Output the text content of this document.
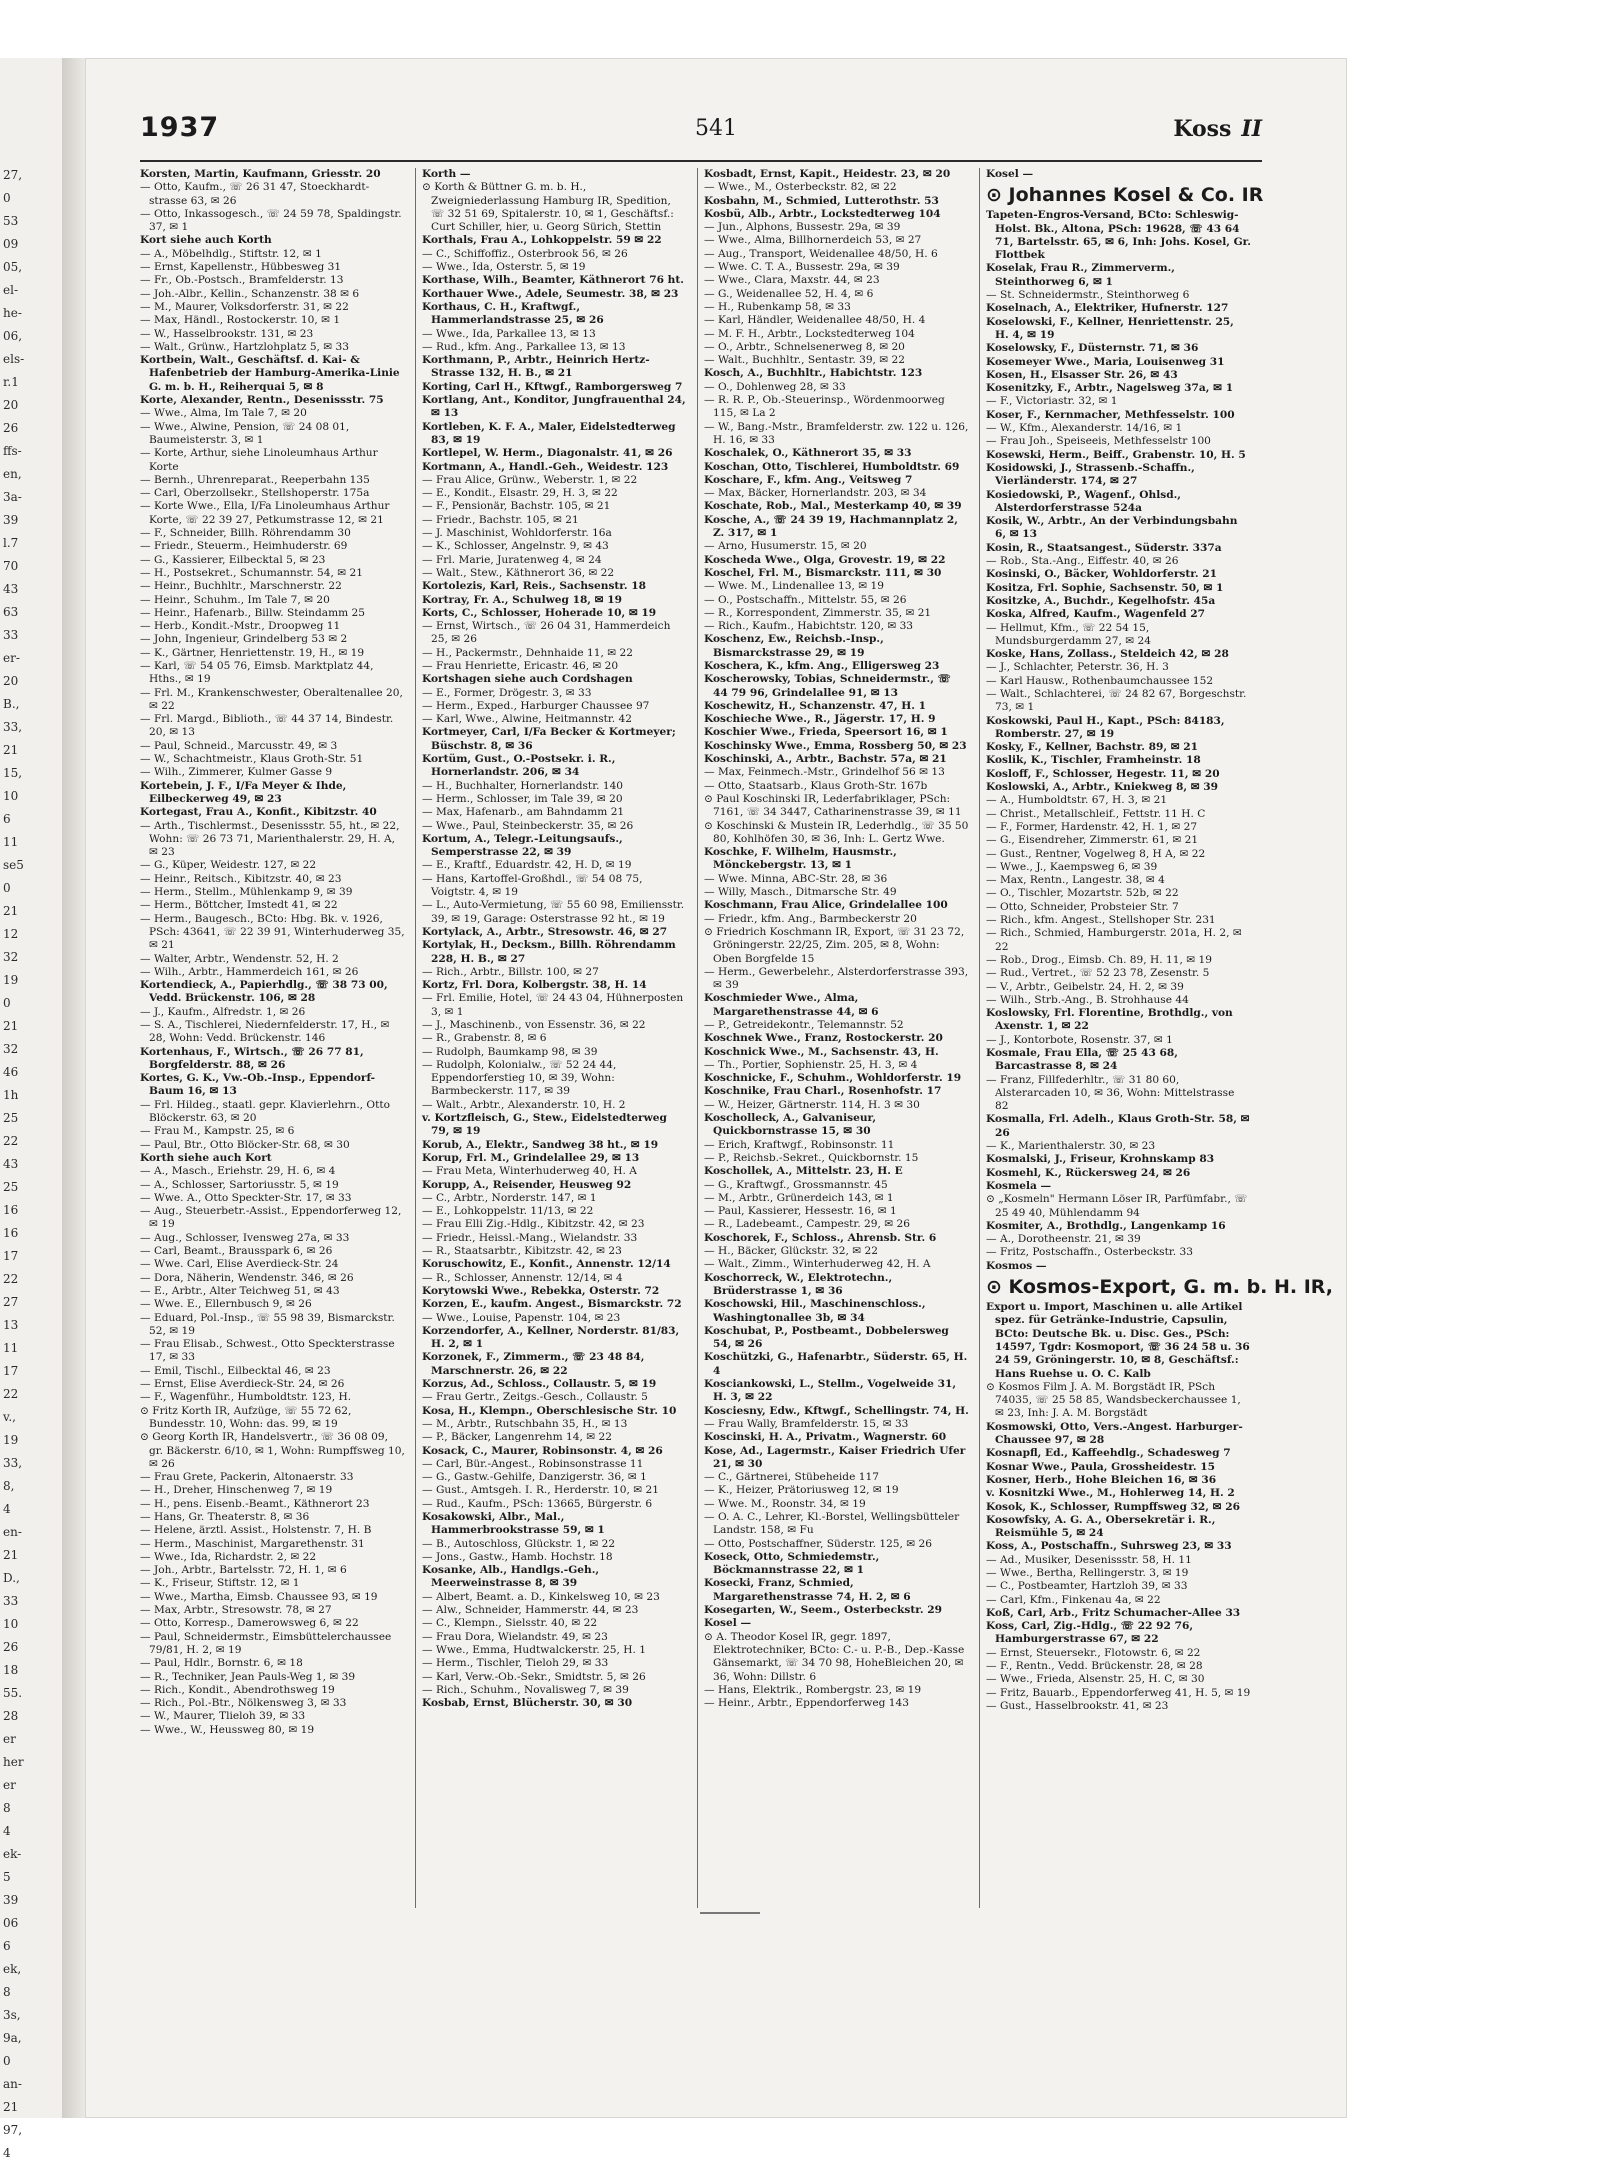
27,
0
53
09
05,
el-
he-
06,
els-
r.1
20
26
ffs-
en,
3a-
39
l.7
70
43
63
33
er-
20
B.,
33,
21
15,
10
6
11
se5
0
21
12
32
19
0
21
32
46
1h
25
22
43
25
16
16
17
22
27
13
11
17
22
v.,
19
33,
8,
4
en-
21
D.,
33
10
26
18
55.
28
er
her
er
8
4
ek-
5
39
06
6
ek,
8
3s,
9a,
0
an-
21
97,
4
1937	541	Koss II

Korsten, Martin, Kaufmann, Griesstr. 20

— Otto, Kaufm., ☏ 26 31 47, Stoeckhardt-strasse 63, ✉ 26

— Otto, Inkassogesch., ☏ 24 59 78, Spaldingstr. 37, ✉ 1

Kort siehe auch Korth

— A., Möbelhdlg., Stiftstr. 12, ✉ 1

— Ernst, Kapellenstr., Hübbesweg 31

— Fr., Ob.-Postsch., Bramfelderstr. 13

— Joh.-Albr., Kellin., Schanzenstr. 38 ✉ 6

— M., Maurer, Volksdorferstr. 31, ✉ 22

— Max, Händl., Rostockerstr. 10, ✉ 1

— W., Hasselbrookstr. 131, ✉ 23

— Walt., Grünw., Hartzlohplatz 5, ✉ 33

Kortbein, Walt., Geschäftsf. d. Kai- & Hafenbetrieb der Hamburg-Amerika-Linie G. m. b. H., Reiherquai 5, ✉ 8

Korte, Alexander, Rentn., Desenissstr. 75

— Wwe., Alma, Im Tale 7, ✉ 20

— Wwe., Alwine, Pension, ☏ 24 08 01, Baumeisterstr. 3, ✉ 1

— Korte, Arthur, siehe Linoleumhaus Arthur Korte

— Bernh., Uhrenreparat., Reeperbahn 135

— Carl, Oberzollsekr., Stellshoperstr. 175a

— Korte Wwe., Ella, I/Fa Linoleumhaus Arthur Korte, ☏ 22 39 27, Petkumstrasse 12, ✉ 21

— F., Schneider, Billh. Röhrendamm 30

— Friedr., Steuerm., Heimhuderstr. 69

— G., Kassierer, Eilbecktal 5, ✉ 23

— H., Postsekret., Schumannstr. 54, ✉ 21

— Heinr., Buchhltr., Marschnerstr. 22

— Heinr., Schuhm., Im Tale 7, ✉ 20

— Heinr., Hafenarb., Billw. Steindamm 25

— Herb., Kondit.-Mstr., Droopweg 11

— John, Ingenieur, Grindelberg 53 ✉ 2

— K., Gärtner, Henriettenstr. 19, H., ✉ 19

— Karl, ☏ 54 05 76, Eimsb. Marktplatz 44, Hths., ✉ 19

— Frl. M., Krankenschwester, Oberaltenallee 20, ✉ 22

— Frl. Margd., Biblioth., ☏ 44 37 14, Bindestr. 20, ✉ 13

— Paul, Schneid., Marcusstr. 49, ✉ 3

— W., Schachtmeistr., Klaus Groth-Str. 51

— Wilh., Zimmerer, Kulmer Gasse 9

Kortebein, J. F., I/Fa Meyer & Ihde, Eilbeckerweg 49, ✉ 23

Kortegast, Frau A., Konfit., Kibitzstr. 40

— Arth., Tischlermst., Desenissstr. 55, ht., ✉ 22, Wohn: ☏ 26 73 71, Marienthalerstr. 29, H. A, ✉ 23

— G., Küper, Weidestr. 127, ✉ 22

— Heinr., Reitsch., Kibitzstr. 40, ✉ 23

— Herm., Stellm., Mühlenkamp 9, ✉ 39

— Herm., Böttcher, Imstedt 41, ✉ 22

— Herm., Baugesch., BCto: Hbg. Bk. v. 1926, PSch: 43641, ☏ 22 39 91, Winterhuderweg 35, ✉ 21

— Walter, Arbtr., Wendenstr. 52, H. 2

— Wilh., Arbtr., Hammerdeich 161, ✉ 26

Kortendieck, A., Papierhdlg., ☏ 38 73 00, Vedd. Brückenstr. 106, ✉ 28

— J., Kaufm., Alfredstr. 1, ✉ 26

— S. A., Tischlerei, Niedernfelderstr. 17, H., ✉ 28, Wohn: Vedd. Brückenstr. 146

Kortenhaus, F., Wirtsch., ☏ 26 77 81, Borgfelderstr. 88, ✉ 26

Kortes, G. K., Vw.-Ob.-Insp., Eppendorf-Baum 16, ✉ 13

— Frl. Hildeg., staatl. gepr. Klavierlehrn., Otto Blöckerstr. 63, ✉ 20

— Frau M., Kampstr. 25, ✉ 6

— Paul, Btr., Otto Blöcker-Str. 68, ✉ 30

Korth siehe auch Kort

— A., Masch., Eriehstr. 29, H. 6, ✉ 4

— A., Schlosser, Sartoriusstr. 5, ✉ 19

— Wwe. A., Otto Speckter-Str. 17, ✉ 33

— Aug., Steuerbetr.-Assist., Eppendorferweg 12, ✉ 19

— Aug., Schlosser, Ivensweg 27a, ✉ 33

— Carl, Beamt., Brausspark 6, ✉ 26

— Wwe. Carl, Elise Averdieck-Str. 24

— Dora, Näherin, Wendenstr. 346, ✉ 26

— E., Arbtr., Alter Teichweg 51, ✉ 43

— Wwe. E., Ellernbusch 9, ✉ 26

— Eduard, Pol.-Insp., ☏ 55 98 39, Bismarckstr. 52, ✉ 19

— Frau Elisab., Schwest., Otto Speckterstrasse 17, ✉ 33

— Emil, Tischl., Eilbecktal 46, ✉ 23

— Ernst, Elise Averdieck-Str. 24, ✉ 26

— F., Wagenführ., Humboldtstr. 123, H.

⊙ Fritz Korth IR, Aufzüge, ☏ 55 72 62, Bundesstr. 10, Wohn: das. 99, ✉ 19

⊙ Georg Korth IR, Handelsvertr., ☏ 36 08 09, gr. Bäckerstr. 6/10, ✉ 1, Wohn: Rumpffsweg 10, ✉ 26

— Frau Grete, Packerin, Altonaerstr. 33

— H., Dreher, Hinschenweg 7, ✉ 19

— H., pens. Eisenb.-Beamt., Käthnerort 23

— Hans, Gr. Theaterstr. 8, ✉ 36

— Helene, ärztl. Assist., Holstenstr. 7, H. B

— Herm., Maschinist, Margarethenstr. 31

— Wwe., Ida, Richardstr. 2, ✉ 22

— Joh., Arbtr., Bartelsstr. 72, H. 1, ✉ 6

— K., Friseur, Stiftstr. 12, ✉ 1

— Wwe., Martha, Eimsb. Chaussee 93, ✉ 19

— Max, Arbtr., Stresowstr. 78, ✉ 27

— Otto, Korresp., Damerowsweg 6, ✉ 22

— Paul, Schneidermstr., Eimsbüttelerchaussee 79/81, H. 2, ✉ 19

— Paul, Hdlr., Bornstr. 6, ✉ 18

— R., Techniker, Jean Pauls-Weg 1, ✉ 39

— Rich., Kondit., Abendrothsweg 19

— Rich., Pol.-Btr., Nölkensweg 3, ✉ 33

— W., Maurer, Tlieloh 39, ✉ 33

— Wwe., W., Heussweg 80, ✉ 19

Korth —

⊙ Korth & Büttner G. m. b. H., Zweigniederlassung Hamburg IR, Spedition, ☏ 32 51 69, Spitalerstr. 10, ✉ 1, Geschäftsf.: Curt Schiller, hier, u. Georg Sürich, Stettin

Korthals, Frau A., Lohkoppelstr. 59 ✉ 22

— C., Schiffoffiz., Osterbrook 56, ✉ 26

— Wwe., Ida, Osterstr. 5, ✉ 19

Korthase, Wilh., Beamter, Käthnerort 76 ht.

Korthauer Wwe., Adele, Seumestr. 38, ✉ 23

Korthaus, C. H., Kraftwgf., Hammerlandstrasse 25, ✉ 26

— Wwe., Ida, Parkallee 13, ✉ 13

— Rud., kfm. Ang., Parkallee 13, ✉ 13

Korthmann, P., Arbtr., Heinrich Hertz-Strasse 132, H. B., ✉ 21

Korting, Carl H., Kftwgf., Ramborgersweg 7

Kortlang, Ant., Konditor, Jungfrauenthal 24, ✉ 13

Kortleben, K. F. A., Maler, Eidelstedterweg 83, ✉ 19

Kortlepel, W. Herm., Diagonalstr. 41, ✉ 26

Kortmann, A., Handl.-Geh., Weidestr. 123

— Frau Alice, Grünw., Weberstr. 1, ✉ 22

— E., Kondit., Elsastr. 29, H. 3, ✉ 22

— F., Pensionär, Bachstr. 105, ✉ 21

— Friedr., Bachstr. 105, ✉ 21

— J. Maschinist, Wohldorferstr. 16a

— K., Schlosser, Angelnstr. 9, ✉ 43

— Frl. Marie, Juratenweg 4, ✉ 24

— Walt., Stew., Käthnerort 36, ✉ 22

Kortolezis, Karl, Reis., Sachsenstr. 18

Kortray, Fr. A., Schulweg 18, ✉ 19

Korts, C., Schlosser, Hoherade 10, ✉ 19

— Ernst, Wirtsch., ☏ 26 04 31, Hammerdeich 25, ✉ 26

— H., Packermstr., Dehnhaide 11, ✉ 22

— Frau Henriette, Ericastr. 46, ✉ 20

Kortshagen siehe auch Cordshagen

— E., Former, Drögestr. 3, ✉ 33

— Herm., Exped., Harburger Chaussee 97

— Karl, Wwe., Alwine, Heitmannstr. 42

Kortmeyer, Carl, I/Fa Becker & Kortmeyer; Büschstr. 8, ✉ 36

Kortüm, Gust., O.-Postsekr. i. R., Hornerlandstr. 206, ✉ 34

— H., Buchhalter, Hornerlandstr. 140

— Herm., Schlosser, im Tale 39, ✉ 20

— Max, Hafenarb., am Bahndamm 21

— Wwe., Paul, Steinbeckerstr. 35, ✉ 26

Kortum, A., Telegr.-Leitungsaufs., Semperstrasse 22, ✉ 39

— E., Kraftf., Eduardstr. 42, H. D, ✉ 19

— Hans, Kartoffel-Großhdl., ☏ 54 08 75, Voigtstr. 4, ✉ 19

— L., Auto-Vermietung, ☏ 55 60 98, Emiliensstr. 39, ✉ 19, Garage: Osterstrasse 92 ht., ✉ 19

Kortylack, A., Arbtr., Stresowstr. 46, ✉ 27

Kortylak, H., Decksm., Billh. Röhrendamm 228, H. B., ✉ 27

— Rich., Arbtr., Billstr. 100, ✉ 27

Kortz, Frl. Dora, Kolbergstr. 38, H. 14

— Frl. Emilie, Hotel, ☏ 24 43 04, Hühnerposten 3, ✉ 1

— J., Maschinenb., von Essenstr. 36, ✉ 22

— R., Grabenstr. 8, ✉ 6

— Rudolph, Baumkamp 98, ✉ 39

— Rudolph, Kolonialw., ☏ 52 24 44, Eppendorferstieg 10, ✉ 39, Wohn: Barmbeckerstr. 117, ✉ 39

— Walt., Arbtr., Alexanderstr. 10, H. 2

v. Kortzfleisch, G., Stew., Eidelstedterweg 79, ✉ 19

Korub, A., Elektr., Sandweg 38 ht., ✉ 19

Korup, Frl. M., Grindelallee 29, ✉ 13

— Frau Meta, Winterhuderweg 40, H. A

Korupp, A., Reisender, Heusweg 92

— C., Arbtr., Norderstr. 147, ✉ 1

— E., Lohkoppelstr. 11/13, ✉ 22

— Frau Elli Zig.-Hdlg., Kibitzstr. 42, ✉ 23

— Friedr., Heissl.-Mang., Wielandstr. 33

— R., Staatsarbtr., Kibitzstr. 42, ✉ 23

Koruschowitz, E., Konfit., Annenstr. 12/14

— R., Schlosser, Annenstr. 12/14, ✉ 4

Korytowski Wwe., Rebekka, Osterstr. 72

Korzen, E., kaufm. Angest., Bismarckstr. 72

— Wwe., Louise, Papenstr. 104, ✉ 23

Korzendorfer, A., Kellner, Norderstr. 81/83, H. 2, ✉ 1

Korzonek, F., Zimmerm., ☏ 23 48 84, Marschnerstr. 26, ✉ 22

Korzus, Ad., Schloss., Collaustr. 5, ✉ 19

— Frau Gertr., Zeitgs.-Gesch., Collaustr. 5

Kosa, H., Klempn., Oberschlesische Str. 10

— M., Arbtr., Rutschbahn 35, H., ✉ 13

— P., Bäcker, Langenrehm 14, ✉ 22

Kosack, C., Maurer, Robinsonstr. 4, ✉ 26

— Carl, Bür.-Angest., Robinsonstrasse 11

— G., Gastw.-Gehilfe, Danzigerstr. 36, ✉ 1

— Gust., Amtsgeh. I. R., Herderstr. 10, ✉ 21

— Rud., Kaufm., PSch: 13665, Bürgerstr. 6

Kosakowski, Albr., Mal., Hammerbrookstrasse 59, ✉ 1

— B., Autoschloss, Glückstr. 1, ✉ 22

— Jons., Gastw., Hamb. Hochstr. 18

Kosanke, Alb., Handlgs.-Geh., Meerweinstrasse 8, ✉ 39

— Albert, Beamt. a. D., Kinkelsweg 10, ✉ 23

— Alw., Schneider, Hammerstr. 44, ✉ 23

— C., Klempn., Sielsstr. 40, ✉ 22

— Frau Dora, Wielandstr. 49, ✉ 23

— Wwe., Emma, Hudtwalckerstr. 25, H. 1

— Herm., Tischler, Tieloh 29, ✉ 33

— Karl, Verw.-Ob.-Sekr., Smidtstr. 5, ✉ 26

— Rich., Schuhm., Novalisweg 7, ✉ 39

Kosbab, Ernst, Blücherstr. 30, ✉ 30

Kosbadt, Ernst, Kapit., Heidestr. 23, ✉ 20

— Wwe., M., Osterbeckstr. 82, ✉ 22

Kosbahn, M., Schmied, Lutterothstr. 53

Kosbü, Alb., Arbtr., Lockstedterweg 104

— Jun., Alphons, Bussestr. 29a, ✉ 39

— Wwe., Alma, Billhornerdeich 53, ✉ 27

— Aug., Transport, Weidenallee 48/50, H. 6

— Wwe. C. T. A., Bussestr. 29a, ✉ 39

— Wwe., Clara, Maxstr. 44, ✉ 23

— G., Weidenallee 52, H. 4, ✉ 6

— H., Rubenkamp 58, ✉ 33

— Karl, Händler, Weidenallee 48/50, H. 4

— M. F. H., Arbtr., Lockstedterweg 104

— O., Arbtr., Schnelsenerweg 8, ✉ 20

— Walt., Buchhltr., Sentastr. 39, ✉ 22

Kosch, A., Buchhltr., Habichtstr. 123

— O., Dohlenweg 28, ✉ 33

— R. R. P., Ob.-Steuerinsp., Wördenmoorweg 115, ✉ La 2

— W., Bang.-Mstr., Bramfelderstr. zw. 122 u. 126, H. 16, ✉ 33

Koschalek, O., Käthnerort 35, ✉ 33

Koschan, Otto, Tischlerei, Humboldtstr. 69

Koschare, F., kfm. Ang., Veitsweg 7

— Max, Bäcker, Hornerlandstr. 203, ✉ 34

Koschate, Rob., Mal., Mesterkamp 40, ✉ 39

Kosche, A., ☏ 24 39 19, Hachmannplatz 2, Z. 317, ✉ 1

— Arno, Husumerstr. 15, ✉ 20

Koscheda Wwe., Olga, Grovestr. 19, ✉ 22

Koschel, Frl. M., Bismarckstr. 111, ✉ 30

— Wwe. M., Lindenallee 13, ✉ 19

— O., Postschaffn., Mittelstr. 55, ✉ 26

— R., Korrespondent, Zimmerstr. 35, ✉ 21

— Rich., Kaufm., Habichtstr. 120, ✉ 33

Koschenz, Ew., Reichsb.-Insp., Bismarckstrasse 29, ✉ 19

Koschera, K., kfm. Ang., Elligersweg 23

Koscherowsky, Tobias, Schneidermstr., ☏ 44 79 96, Grindelallee 91, ✉ 13

Koschewitz, H., Schanzenstr. 47, H. 1

Koschieche Wwe., R., Jägerstr. 17, H. 9

Koschier Wwe., Frieda, Speersort 16, ✉ 1

Koschinsky Wwe., Emma, Rossberg 50, ✉ 23

Koschinski, A., Arbtr., Bachstr. 57a, ✉ 21

— Max, Feinmech.-Mstr., Grindelhof 56 ✉ 13

— Otto, Staatsarb., Klaus Groth-Str. 167b

⊙ Paul Koschinski IR, Lederfabriklager, PSch: 7161, ☏ 34 3447, Catharinenstrasse 39, ✉ 11

⊙ Koschinski & Mustein IR, Lederhdlg., ☏ 35 50 80, Kohlhöfen 30, ✉ 36, Inh: L. Gertz Wwe.

Koschke, F. Wilhelm, Hausmstr., Mönckebergstr. 13, ✉ 1

— Wwe. Minna, ABC-Str. 28, ✉ 36

— Willy, Masch., Ditmarsche Str. 49

Koschmann, Frau Alice, Grindelallee 100

— Friedr., kfm. Ang., Barmbeckerstr 20

⊙ Friedrich Koschmann IR, Export, ☏ 31 23 72, Gröningerstr. 22/25, Zim. 205, ✉ 8, Wohn: Oben Borgfelde 15

— Herm., Gewerbelehr., Alsterdorferstrasse 393, ✉ 39

Koschmieder Wwe., Alma, Margarethenstrasse 44, ✉ 6

— P., Getreidekontr., Telemannstr. 52

Koschnek Wwe., Franz, Rostockerstr. 20

Koschnick Wwe., M., Sachsenstr. 43, H.

— Th., Portier, Sophienstr. 25, H. 3, ✉ 4

Koschnicke, F., Schuhm., Wohldorferstr. 19

Koschnike, Frau Charl., Rosenhofstr. 17

— W., Heizer, Gärtnerstr. 114, H. 3 ✉ 30

Koscholleck, A., Galvaniseur, Quickbornstrasse 15, ✉ 30

— Erich, Kraftwgf., Robinsonstr. 11

— P., Reichsb.-Sekret., Quickbornstr. 15

Koschollek, A., Mittelstr. 23, H. E

— G., Kraftwgf., Grossmannstr. 45

— M., Arbtr., Grünerdeich 143, ✉ 1

— Paul, Kassierer, Hessestr. 16, ✉ 1

— R., Ladebeamt., Campestr. 29, ✉ 26

Koschorek, F., Schloss., Ahrensb. Str. 6

— H., Bäcker, Glückstr. 32, ✉ 22

— Walt., Zimm., Winterhuderweg 42, H. A

Koschorreck, W., Elektrotechn., Brüderstrasse 1, ✉ 36

Koschowski, Hil., Maschinenschloss., Washingtonallee 3b, ✉ 34

Koschubat, P., Postbeamt., Dobbelersweg 54, ✉ 26

Koschützki, G., Hafenarbtr., Süderstr. 65, H. 4

Kosciankowski, L., Stellm., Vogelweide 31, H. 3, ✉ 22

Kosciesny, Edw., Kftwgf., Schellingstr. 74, H.

— Frau Wally, Bramfelderstr. 15, ✉ 33

Koscinski, H. A., Privatm., Wagnerstr. 60

Kose, Ad., Lagermstr., Kaiser Friedrich Ufer 21, ✉ 30

— C., Gärtnerei, Stübeheide 117

— K., Heizer, Prätoriusweg 12, ✉ 19

— Wwe. M., Roonstr. 34, ✉ 19

— O. A. C., Lehrer, Kl.-Borstel, Wellingsbütteler Landstr. 158, ✉ Fu

— Otto, Postschaffner, Süderstr. 125, ✉ 26

Koseck, Otto, Schmiedemstr., Böckmannstrasse 22, ✉ 1

Kosecki, Franz, Schmied, Margarethenstrasse 74, H. 2, ✉ 6

Kosegarten, W., Seem., Osterbeckstr. 29

Kosel —

⊙ A. Theodor Kosel IR, gegr. 1897, Elektrotechniker, BCto: C.- u. P.-B., Dep.-Kasse Gänsemarkt, ☏ 34 70 98, HoheBleichen 20, ✉ 36, Wohn: Dillstr. 6

— Hans, Elektrik., Rombergstr. 23, ✉ 19

— Heinr., Arbtr., Eppendorferweg 143

Kosel —

⊙ Johannes Kosel & Co. IR

Tapeten-Engros-Versand, BCto: Schleswig-Holst. Bk., Altona, PSch: 19628, ☏ 43 64 71, Bartelsstr. 65, ✉ 6, Inh: Johs. Kosel, Gr. Flottbek

Koselak, Frau R., Zimmerverm., Steinthorweg 6, ✉ 1

— St. Schneidermstr., Steinthorweg 6

Koselnach, A., Elektriker, Hufnerstr. 127

Koselowski, F., Kellner, Henriettenstr. 25, H. 4, ✉ 19

Koselowsky, F., Düsternstr. 71, ✉ 36

Kosemeyer Wwe., Maria, Louisenweg 31

Kosen, H., Elsasser Str. 26, ✉ 43

Kosenitzky, F., Arbtr., Nagelsweg 37a, ✉ 1

— F., Victoriastr. 32, ✉ 1

Koser, F., Kernmacher, Methfesselstr. 100

— W., Kfm., Alexanderstr. 14/16, ✉ 1

— Frau Joh., Speiseeis, Methfesselstr 100

Kosewski, Herm., Beiff., Grabenstr. 10, H. 5

Kosidowski, J., Strassenb.-Schaffn., Vierländerstr. 174, ✉ 27

Kosiedowski, P., Wagenf., Ohlsd., Alsterdorferstrasse 524a

Kosik, W., Arbtr., An der Verbindungsbahn 6, ✉ 13

Kosin, R., Staatsangest., Süderstr. 337a

— Rob., Sta.-Ang., Eiffestr. 40, ✉ 26

Kosinski, O., Bäcker, Wohldorferstr. 21

Kositza, Frl. Sophie, Sachsenstr. 50, ✉ 1

Kositzke, A., Buchdr., Kegelhofstr. 45a

Koska, Alfred, Kaufm., Wagenfeld 27

— Hellmut, Kfm., ☏ 22 54 15, Mundsburgerdamm 27, ✉ 24

Koske, Hans, Zollass., Steldeich 42, ✉ 28

— J., Schlachter, Peterstr. 36, H. 3

— Karl Hausw., Rothenbaumchaussee 152

— Walt., Schlachterei, ☏ 24 82 67, Borgeschstr. 73, ✉ 1

Koskowski, Paul H., Kapt., PSch: 84183, Romberstr. 27, ✉ 19

Kosky, F., Kellner, Bachstr. 89, ✉ 21

Koslik, K., Tischler, Framheinstr. 18

Kosloff, F., Schlosser, Hegestr. 11, ✉ 20

Koslowski, A., Arbtr., Kniekweg 8, ✉ 39

— A., Humboldtstr. 67, H. 3, ✉ 21

— Christ., Metallschleif., Fettstr. 11 H. C

— F., Former, Hardenstr. 42, H. 1, ✉ 27

— G., Eisendreher, Zimmerstr. 61, ✉ 21

— Gust., Rentner, Vogelweg 8, H A, ✉ 22

— Wwe., J., Kaempsweg 6, ✉ 39

— Max, Rentn., Langestr. 38, ✉ 4

— O., Tischler, Mozartstr. 52b, ✉ 22

— Otto, Schneider, Probsteier Str. 7

— Rich., kfm. Angest., Stellshoper Str. 231

— Rich., Schmied, Hamburgerstr. 201a, H. 2, ✉ 22

— Rob., Drog., Eimsb. Ch. 89, H. 11, ✉ 19

— Rud., Vertret., ☏ 52 23 78, Zesenstr. 5

— V., Arbtr., Geibelstr. 24, H. 2, ✉ 39

— Wilh., Strb.-Ang., B. Strohhause 44

Koslowsky, Frl. Florentine, Brothdlg., von Axenstr. 1, ✉ 22

— J., Kontorbote, Rosenstr. 37, ✉ 1

Kosmale, Frau Ella, ☏ 25 43 68, Barcastrasse 8, ✉ 24

— Franz, Fillfederhltr., ☏ 31 80 60, Alsterarcaden 10, ✉ 36, Wohn: Mittelstrasse 82

Kosmalla, Frl. Adelh., Klaus Groth-Str. 58, ✉ 26

— K., Marienthalerstr. 30, ✉ 23

Kosmalski, J., Friseur, Krohnskamp 83

Kosmehl, K., Rückersweg 24, ✉ 26

Kosmela —

⊙ „Kosmeln" Hermann Löser IR, Parfümfabr., ☏ 25 49 40, Mühlendamm 94

Kosmiter, A., Brothdlg., Langenkamp 16

— A., Dorotheenstr. 21, ✉ 39

— Fritz, Postschaffn., Osterbeckstr. 33

Kosmos —

⊙ Kosmos-Export, G. m. b. H. IR,

Export u. Import, Maschinen u. alle Artikel spez. für Getränke-Industrie, Capsulin, BCto: Deutsche Bk. u. Disc. Ges., PSch: 14597, Tgdr: Kosmoport, ☏ 36 24 58 u. 36 24 59, Gröningerstr. 10, ✉ 8, Geschäftsf.: Hans Ruehse u. O. C. Kalb

⊙ Kosmos Film J. A. M. Borgstädt IR, PSch 74035, ☏ 25 58 85, Wandsbeckerchaussee 1, ✉ 23, Inh: J. A. M. Borgstädt

Kosmowski, Otto, Vers.-Angest. Harburger-Chaussee 97, ✉ 28

Kosnapfl, Ed., Kaffeehdlg., Schadesweg 7

Kosnar Wwe., Paula, Grossheidestr. 15

Kosner, Herb., Hohe Bleichen 16, ✉ 36

v. Kosnitzki Wwe., M., Hohlerweg 14, H. 2

Kosok, K., Schlosser, Rumpffsweg 32, ✉ 26

Kosowfsky, A. G. A., Obersekretär i. R., Reismühle 5, ✉ 24

Koss, A., Postschaffn., Suhrsweg 23, ✉ 33

— Ad., Musiker, Desenissstr. 58, H. 11

— Wwe., Bertha, Rellingerstr. 3, ✉ 19

— C., Postbeamter, Hartzloh 39, ✉ 33

— Carl, Kfm., Finkenau 4a, ✉ 22

Koß, Carl, Arb., Fritz Schumacher-Allee 33

Koss, Carl, Zig.-Hdlg., ☏ 22 92 76, Hamburgerstrasse 67, ✉ 22

— Ernst, Steuersekr., Flotowstr. 6, ✉ 22

— F., Rentn., Vedd. Brückenstr. 28, ✉ 28

— Wwe., Frieda, Alsenstr. 25, H. C, ✉ 30

— Fritz, Bauarb., Eppendorferweg 41, H. 5, ✉ 19

— Gust., Hasselbrookstr. 41, ✉ 23
